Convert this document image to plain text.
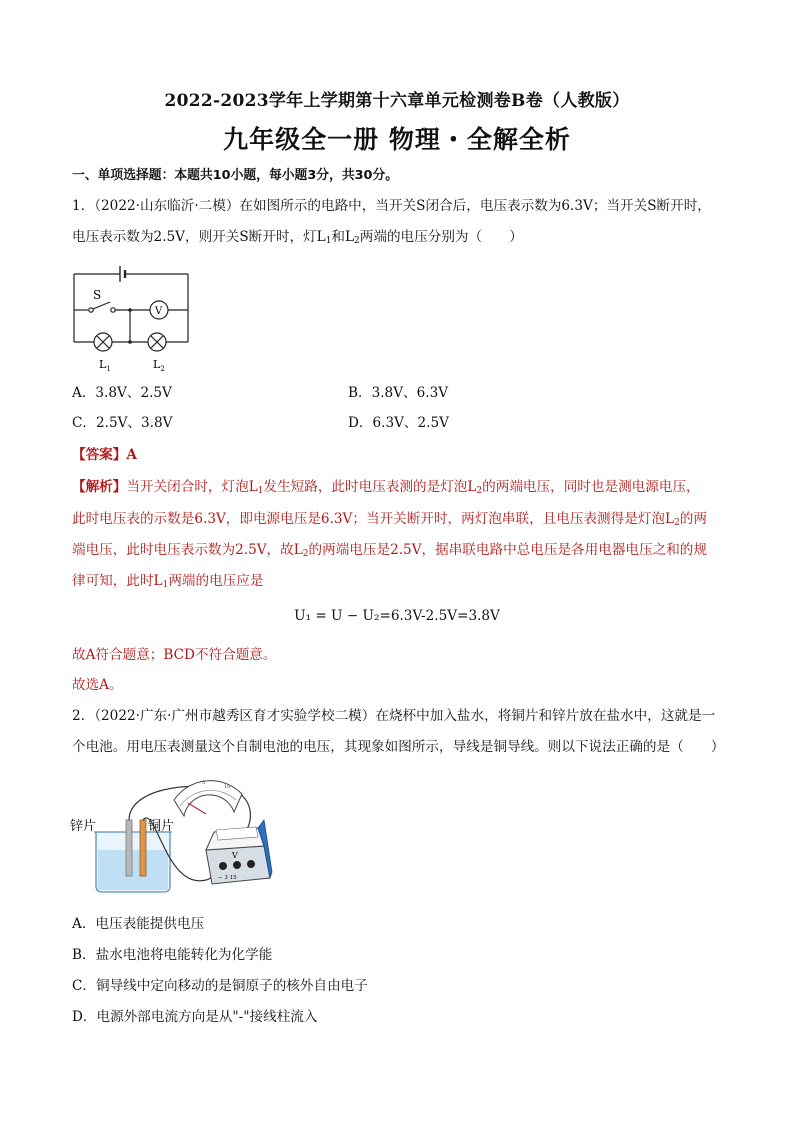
2022-2023学年上学期第十六章单元检测卷B卷（人教版）
九年级全一册 物理・全解全析
一、单项选择题：本题共10小题，每小题3分，共30分。
1．（2022·山东临沂·二模）在如图所示的电路中，当开关S闭合后，电压表示数为6.3V；当开关S断开时，
电压表示数为2.5V，则开关S断开时，灯$L_1$和$L_2$两端的电压分别为（　　）
S
V
$L_1$	$L_2$
A．3.8V、2.5V	B．3.8V、6.3V
C．2.5V、3.8V	D．6.3V、2.5V
【答案】A
【解析】当开关闭合时，灯泡$L_1$发生短路，此时电压表测的是灯泡$L_2$的两端电压，同时也是测电源电压，
此时电压表的示数是6.3V，即电源电压是6.3V；当开关断开时，两灯泡串联，且电压表测得是灯泡$L_2$的两
端电压，此时电压表示数为2.5V，故$L_2$的两端电压是2.5V，据串联电路中总电压是各用电器电压之和的规
律可知，此时$L_1$两端的电压应是
U₁ = U − U₂=6.3V-2.5V=3.8V
故A符合题意；BCD不符合题意。
故选A。
2．（2022·广东·广州市越秀区育才实验学校二模）在烧杯中加入盐水，将铜片和锌片放在盐水中，这就是一
个电池。用电压表测量这个自制电池的电压，其现象如图所示，导线是铜导线。则以下说法正确的是（　　）
锌片	铜片
5
10
V
− 3 15
A．电压表能提供电压
B．盐水电池将电能转化为化学能
C．铜导线中定向移动的是铜原子的核外自由电子
D．电源外部电流方向是从"-"接线柱流入
